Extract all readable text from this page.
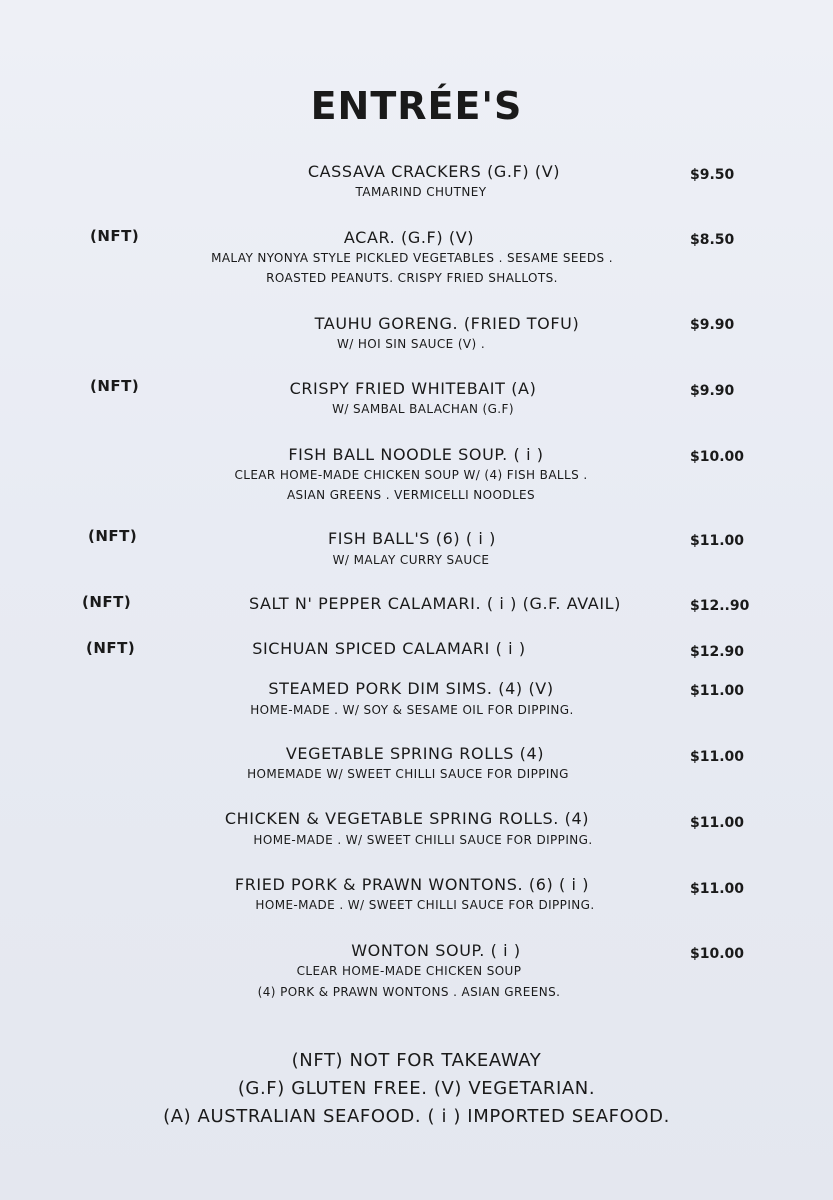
ENTRÉE'S
CASSAVA CRACKERS (G.F) (V)
TAMARIND CHUTNEY
$9.50
(NFT)	ACAR. (G.F) (V)
MALAY NYONYA STYLE PICKLED VEGETABLES . SESAME SEEDS .
ROASTED PEANUTS. CRISPY FRIED SHALLOTS.
$8.50
TAUHU GORENG. (FRIED TOFU)
W/ HOI SIN SAUCE (V) .
$9.90
(NFT)	CRISPY FRIED WHITEBAIT (A)
W/ SAMBAL BALACHAN (G.F)
$9.90
FISH BALL NOODLE SOUP. ( i )
CLEAR HOME-MADE CHICKEN SOUP W/ (4) FISH BALLS .
ASIAN GREENS . VERMICELLI NOODLES
$10.00
(NFT)	FISH BALL'S (6) ( i )
W/ MALAY CURRY SAUCE
$11.00
(NFT)	SALT N' PEPPER CALAMARI. ( i ) (G.F. AVAIL)	$12..90
(NFT)	SICHUAN SPICED CALAMARI ( i )	$12.90
STEAMED PORK DIM SIMS. (4) (V)
HOME-MADE . W/ SOY & SESAME OIL FOR DIPPING.
$11.00
VEGETABLE SPRING ROLLS (4)
HOMEMADE W/ SWEET CHILLI SAUCE FOR DIPPING
$11.00
CHICKEN & VEGETABLE SPRING ROLLS. (4)
HOME-MADE . W/ SWEET CHILLI SAUCE FOR DIPPING.
$11.00
FRIED PORK & PRAWN WONTONS. (6) ( i )
HOME-MADE . W/ SWEET CHILLI SAUCE FOR DIPPING.
$11.00
WONTON SOUP. ( i )
CLEAR HOME-MADE CHICKEN SOUP
(4) PORK & PRAWN WONTONS . ASIAN GREENS.
$10.00
(NFT) NOT FOR TAKEAWAY
(G.F) GLUTEN FREE. (V) VEGETARIAN.
(A) AUSTRALIAN SEAFOOD. ( i ) IMPORTED SEAFOOD.
